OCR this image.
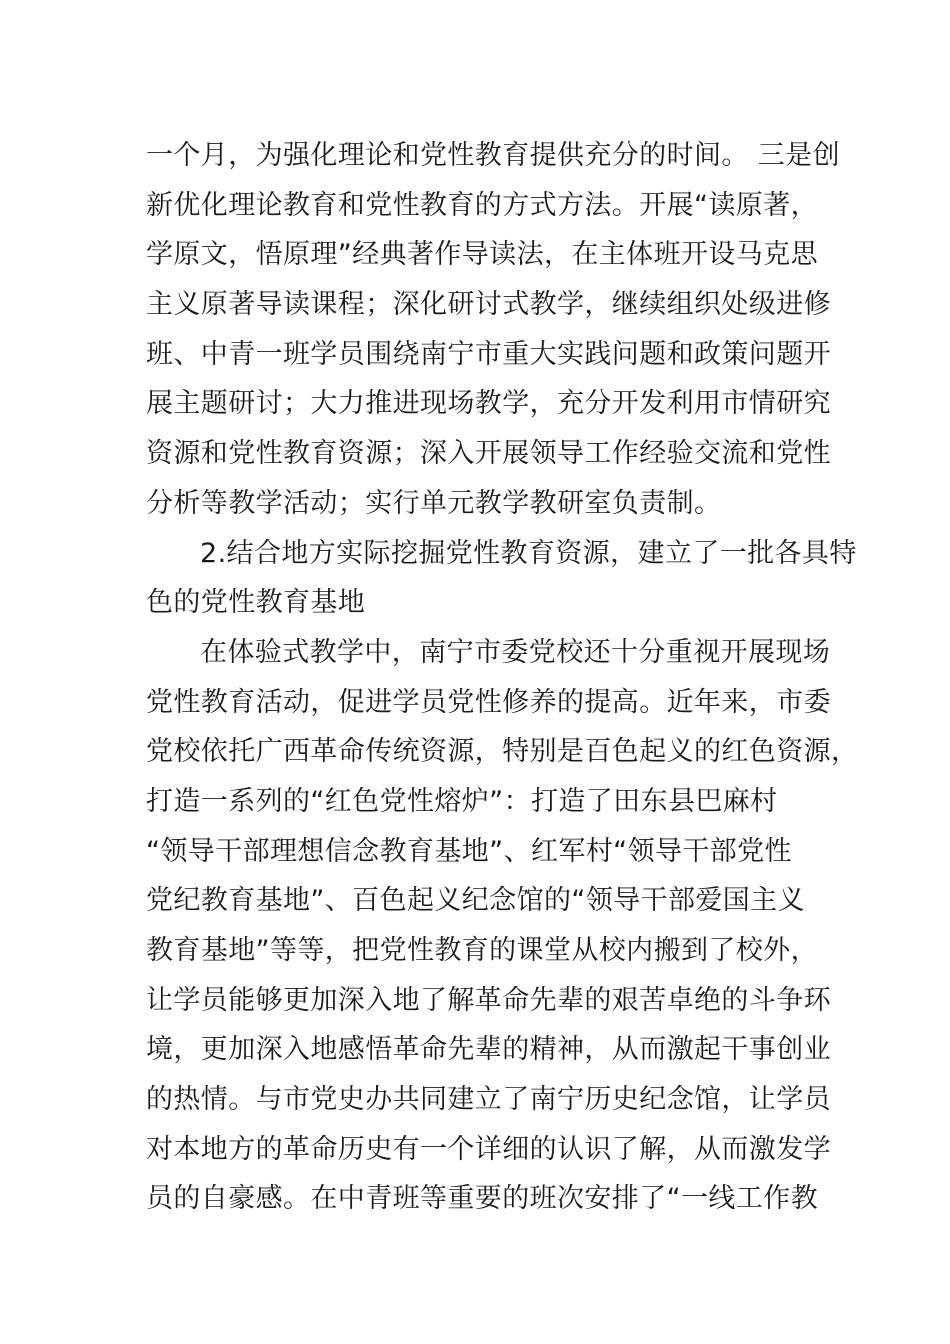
一个月，为强化理论和党性教育提供充分的时间。 三是创
新优化理论教育和党性教育的方式方法。开展“读原著，
学原文，悟原理”经典著作导读法，在主体班开设马克思
主义原著导读课程；深化研讨式教学，继续组织处级进修
班、中青一班学员围绕南宁市重大实践问题和政策问题开
展主题研讨；大力推进现场教学，充分开发利用市情研究
资源和党性教育资源；深入开展领导工作经验交流和党性
分析等教学活动；实行单元教学教研室负责制。
2.结合地方实际挖掘党性教育资源，建立了一批各具特
色的党性教育基地
在体验式教学中，南宁市委党校还十分重视开展现场
党性教育活动，促进学员党性修养的提高。近年来，市委
党校依托广西革命传统资源，特别是百色起义的红色资源，
打造一系列的“红色党性熔炉”：打造了田东县巴麻村
“领导干部理想信念教育基地”、红军村“领导干部党性
党纪教育基地”、百色起义纪念馆的“领导干部爱国主义
教育基地”等等，把党性教育的课堂从校内搬到了校外，
让学员能够更加深入地了解革命先辈的艰苦卓绝的斗争环
境，更加深入地感悟革命先辈的精神，从而激起干事创业
的热情。与市党史办共同建立了南宁历史纪念馆，让学员
对本地方的革命历史有一个详细的认识了解，从而激发学
员的自豪感。在中青班等重要的班次安排了“一线工作教
